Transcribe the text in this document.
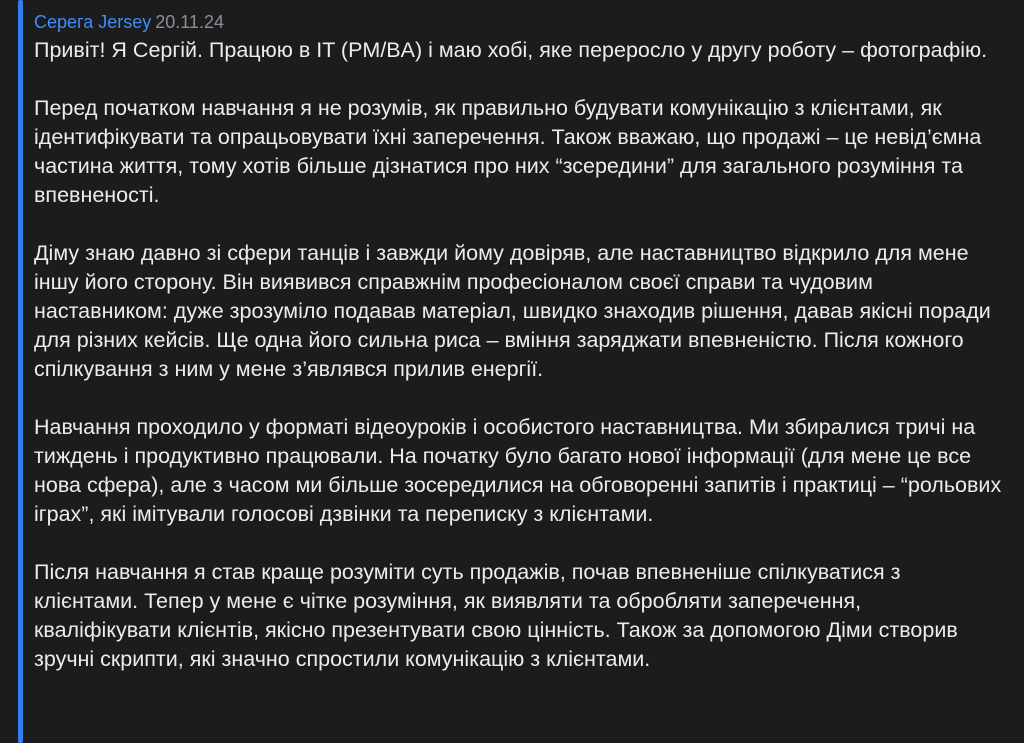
Серега Jersey 20.11.24

Привіт! Я Сергій. Працюю в IT (PM/BA) і маю хобі, яке переросло у другу роботу – фотографію.

Перед початком навчання я не розумів, як правильно будувати комунікацію з клієнтами, як ідентифікувати та опрацьовувати їхні заперечення. Також вважаю, що продажі – це невід’ємна частина життя, тому хотів більше дізнатися про них “зсередини” для загального розуміння та впевненості.

Діму знаю давно зі сфери танців і завжди йому довіряв, але наставництво відкрило для мене іншу його сторону. Він виявився справжнім професіоналом своєї справи та чудовим наставником: дуже зрозуміло подавав матеріал, швидко знаходив рішення, давав якісні поради для різних кейсів. Ще одна його сильна риса – вміння заряджати впевненістю. Після кожного спілкування з ним у мене з’являвся прилив енергії.

Навчання проходило у форматі відеоуроків і особистого наставництва. Ми збиралися тричі на тиждень і продуктивно працювали. На початку було багато нової інформації (для мене це все нова сфера), але з часом ми більше зосередилися на обговоренні запитів і практиці – “рольових іграх”, які імітували голосові дзвінки та переписку з клієнтами.

Після навчання я став краще розуміти суть продажів, почав впевненіше спілкуватися з клієнтами. Тепер у мене є чітке розуміння, як виявляти та обробляти заперечення, кваліфікувати клієнтів, якісно презентувати свою цінність. Також за допомогою Діми створив зручні скрипти, які значно спростили комунікацію з клієнтами.
